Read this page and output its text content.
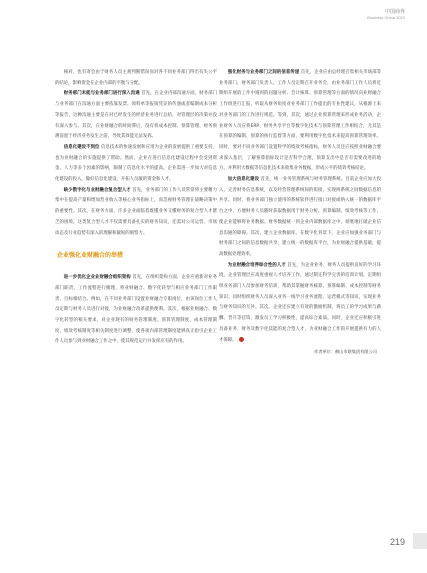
中国商界
Business China 2023

核对，也有寄会由于财务人员主观判断错误而对各不同业务部门得出有失公平的结论，影响资金在企业内部的平衡与分配。

财务部门未能与业务部门进行深入沟通 首先，在企业内部沟通方面，财务部门与业务部门在沟通方面主要依靠发票、领料单等报销凭证的传递或者编制成本分析等报告，这种沟通主要是在对已经发生的经济业务进行总结，对管理层的决策并没有深入参与。其次，在业财融合的时间滞后，没有将成本控制、预算管理、财务预测前置于经济业务发生之前，导致其效能无法发挥。

信息化建设不到位 信息技术的快速发展和应用为企业的发展提供了重要支持，也为业财融合的实施提供了帮助。然而，企业在进行信息化建设过程中会受到资金、人力等多个因素的影响，限制了信息化水平的提高。企业需进一步加大对信息化建设的投入，做好信息化建设，开拓人员敏的资金和人才。

缺少数字化与业财融合复合型人才 首先，业务部门的工作人员常常将主要精力集中在提高产量和增加营业收入等核心业务指标上，而忽视财务管理在战略决策中的重要性。其次，在财务方面，许多企业面临着既懂业务又懂财务的复合型人才匮乏的困境。这类复合型人才不仅需要具备扎实的财务知识，还需对公司运营、市场动态及行业趋势有深入的理解和敏锐的洞察力。

企业强化业财融合的举措

进一步优化企业业财融合组织架构 首先，在组织架构方面，企业应重新对业务部门职责、工作流程进行梳理，将业财融合、数字化转型与相应业务部门工作职责、目标相结合。例如，在不同业务部门设置业财融合专职岗位，由该岗位工作人员定期与财务人员进行对接，为业财融合改革提供便利。其次，根据业财融合、数字化转型的相关要求，对企业现有的财务管理制度、预算管理制度、成本管理制度、绩效考核制度等相关制度进行调整，使各项内部管理制度能够真正指引企业工作人员参与到业财融合工作之中，使其规范运行并发挥应有的作用。

强化财务与业务部门之间的信息传递 首先，企业应由总经理召集相关市场部等业务部门、财务部门负责人、工作人员定期召开业务会，由业务部门工作人员将近期组开展的工作中遇到的问题分析、会计核算、预算管理等方面的情况向业财融合工作组进行汇报，听取从财务角度对业务部门工作提出的专业性建议，从根源上来对业务部门的工作进行规范。等到，其次，通过企业预算管理来形成业务活动，企业财务人员应将ERP、财务共享平台等数字化技术与预算管理工作相结合，尤其是在预算的编制、预算的执行监督等方面，要利用数字化技术来提高预算管理效率。同时，要对不同业务部门设置科学的绩效考核指标，财务人员还应按照业财融合要求深入基层，了解预算指标设计是否科学合理，预算支出中是否有需要改进的地方，并利用大数据等信息化技术来收集业务数据，形成公平的绩效考核结论。

加大信息化建设 首先，统一业务管理系统与财务管理系统。目前企业应加大投入，完善财务信息系统，以及经营管理系统间的衔接，实现两系统之间数据信息的共享。同时，将业务部门独立使用的系统软件进行接口对接或纳入统一的数据库平台之中，方便财务人员随时获取数据用于财务分析、预算编制、绩效考核等工作，使企业能够将业务数据、财务数据统一到企业内部数据库之中，彻底地打破企业信息沟通的障碍。其次，建立企业数据库。在数字化背景下，企业应加强业务部门与财务部门之间的信息数据共享，建立统一的数据库平台，为业财融合提供基础，提高数据处理效率。

为业财融合培养综合性的人才 首先，为企业业务、财务人员提供良好的学习环境，企业管理层应高度重视人才培养工作，通过制定科学完善的培训计划，定期组织业务部门人员参加财务培训，帮助其掌握财务核算、预算编制、成本控制等财务知识；同时组织财务人员深入业务一线学习业务流程、运营模式等知识，实现业务与财务知识的互补。其次，企业还应建立有效的激励机制，将员工的学习成果与薪酬、晋升等挂钩，激发员工学习积极性，提高综合素质。同时，企业还应积极引进具备业务、财务及数字化技能的复合型人才，为业财融合工作的开展提供有力的人才保障。

作者单位：鹤山市联集团有限公司
219
